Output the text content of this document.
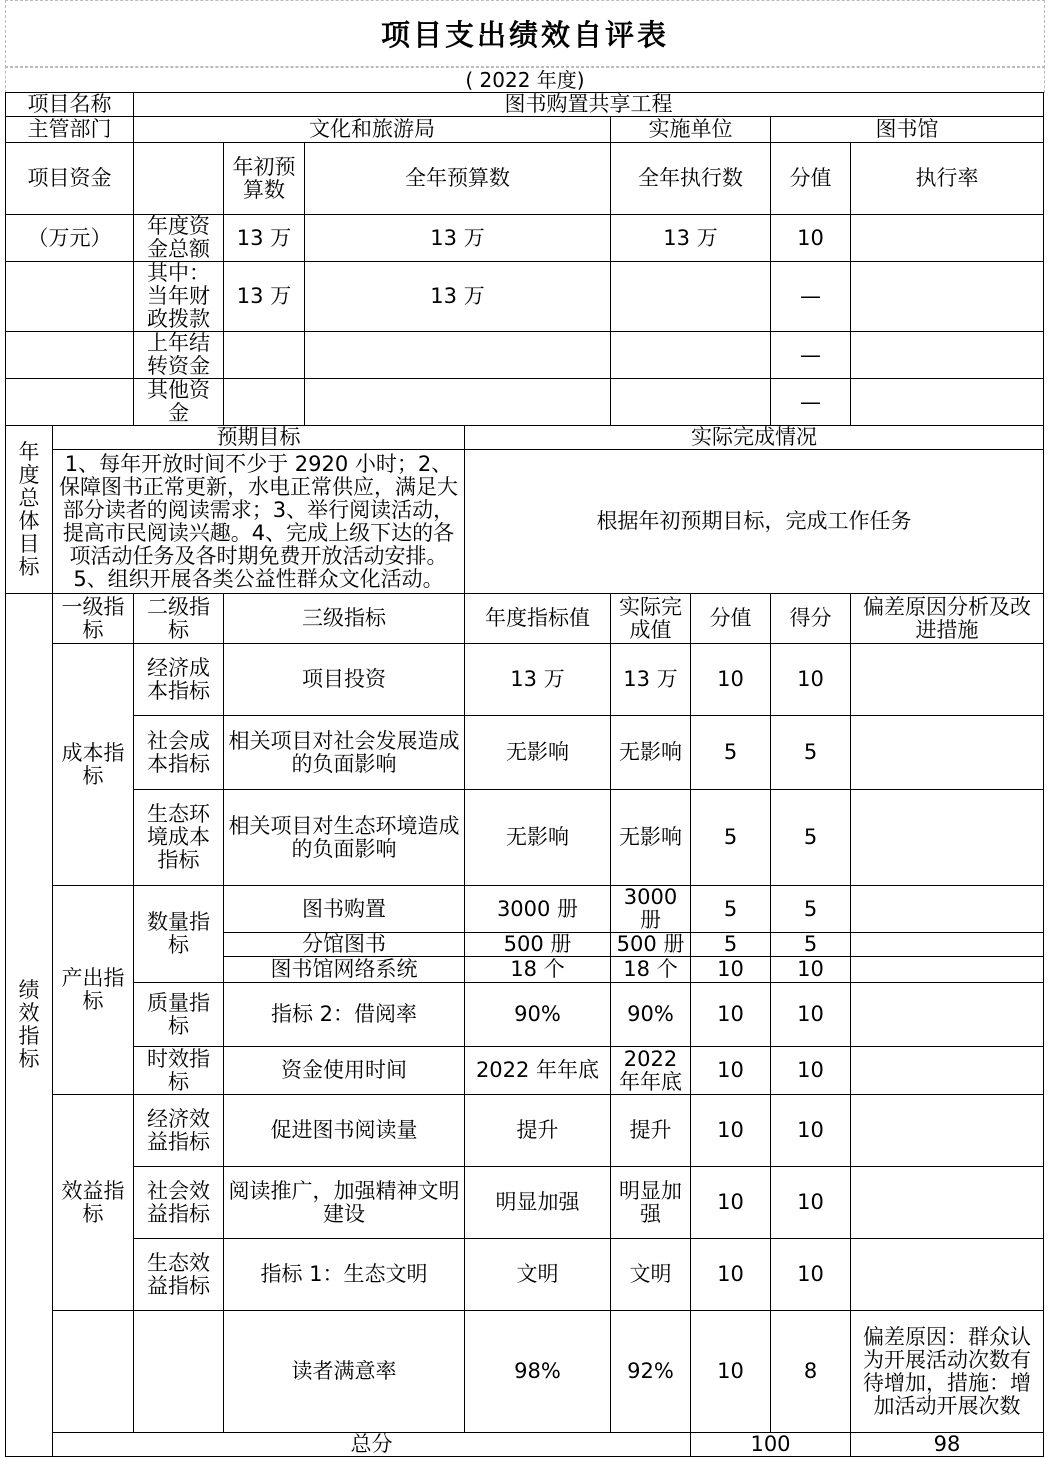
项目支出绩效自评表
( 2022 年度)
项目名称		图书购置共享工程								
主管部门		文化和旅游局				实施单位		图书馆		
项目资金			年初预算数	全年预算数		全年执行数		分值	执行率	
（万元）		年度资金总额	13 万	13 万		13 万		10		
		其中：当年财政拨款	13 万	13 万				—		
		上年结转资金						—		
		其他资金						—		
年度总体目标	预期目标				实际完成情况					
	1、每年开放时间不少于 2920 小时；2、保障图书正常更新，水电正常供应，满足大部分读者的阅读需求；3、举行阅读活动，提高市民阅读兴趣。4、完成上级下达的各项活动任务及各时期免费开放活动安排。5、组织开展各类公益性群众文化活动。				根据年初预期目标，完成工作任务					
绩效指标	一级指标	二级指标	三级指标		年度指标值	实际完成值	分值	得分	偏差原因分析及改进措施	
	成本指标	经济成本指标	项目投资		13 万	13 万	10	10		
		社会成本指标	相关项目对社会发展造成的负面影响		无影响	无影响	5	5		
		生态环境成本指标	相关项目对生态环境造成的负面影响		无影响	无影响	5	5		
	产出指标	数量指标	图书购置		3000 册	3000 册	5	5		
			分馆图书		500 册	500 册	5	5		
			图书馆网络系统		18 个	18 个	10	10		
		质量指标	指标 2：借阅率		90%	90%	10	10		
		时效指标	资金使用时间		2022 年年底	2022 年年底	10	10		
	效益指标	经济效益指标	促进图书阅读量		提升	提升	10	10		
		社会效益指标	阅读推广，加强精神文明建设		明显加强	明显加强	10	10		
		生态效益指标	指标 1：生态文明		文明	文明	10	10		
			读者满意率		98%	92%	10	8	偏差原因：群众认为开展活动次数有待增加，措施：增加活动开展次数	
	总分						100		98	
